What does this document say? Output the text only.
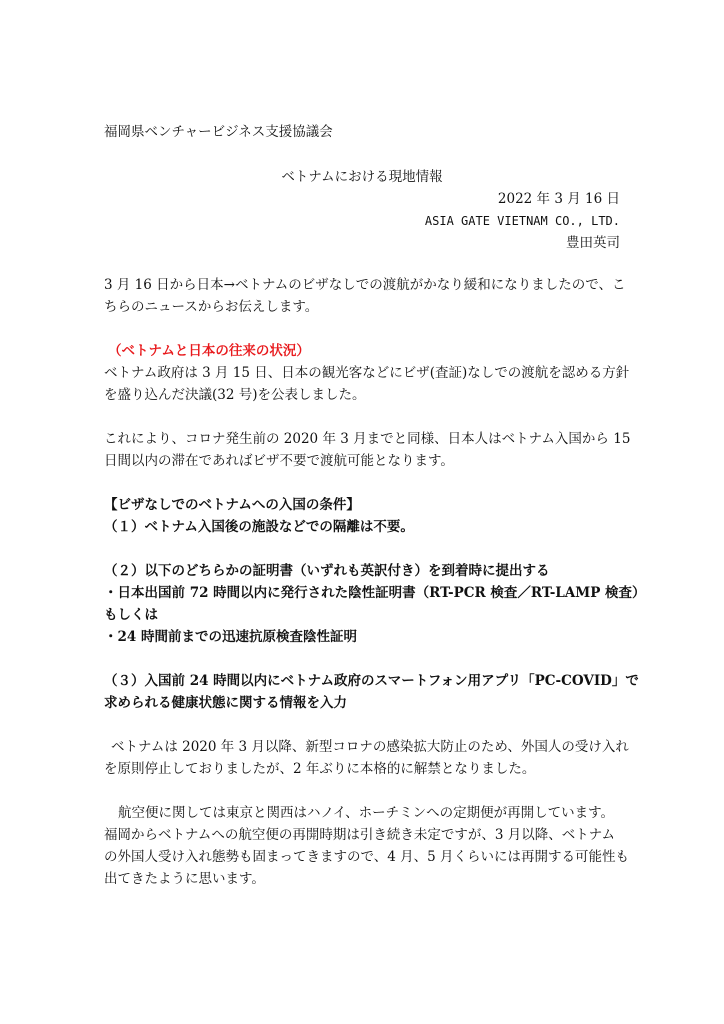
福岡県ベンチャービジネス支援協議会
ベトナムにおける現地情報
2022 年 3 月 16 日
ASIA GATE VIETNAM CO., LTD.
豊田英司
3 月 16 日から日本→ベトナムのビザなしでの渡航がかなり緩和になりましたので、こ
ちらのニュースからお伝えします。
（ベトナムと日本の往来の状況）
ベトナム政府は 3 月 15 日、日本の観光客などにビザ(査証)なしでの渡航を認める方針
を盛り込んだ決議(32 号)を公表しました。
これにより、コロナ発生前の 2020 年 3 月までと同様、日本人はベトナム入国から 15
日間以内の滞在であればビザ不要で渡航可能となります。
【ビザなしでのベトナムへの入国の条件】
（１）ベトナム入国後の施設などでの隔離は不要。
（２）以下のどちらかの証明書（いずれも英訳付き）を到着時に提出する
・日本出国前 72 時間以内に発行された陰性証明書（RT-PCR 検査／RT-LAMP 検査）
もしくは
・24 時間前までの迅速抗原検査陰性証明
（３）入国前 24 時間以内にベトナム政府のスマートフォン用アプリ「PC-COVID」で
求められる健康状態に関する情報を入力
ベトナムは 2020 年 3 月以降、新型コロナの感染拡大防止のため、外国人の受け入れ
を原則停止しておりましたが、2 年ぶりに本格的に解禁となりました。
航空便に関しては東京と関西はハノイ、ホーチミンへの定期便が再開しています。
福岡からベトナムへの航空便の再開時期は引き続き未定ですが、3 月以降、ベトナム
の外国人受け入れ態勢も固まってきますので、4 月、5 月くらいには再開する可能性も
出てきたように思います。
